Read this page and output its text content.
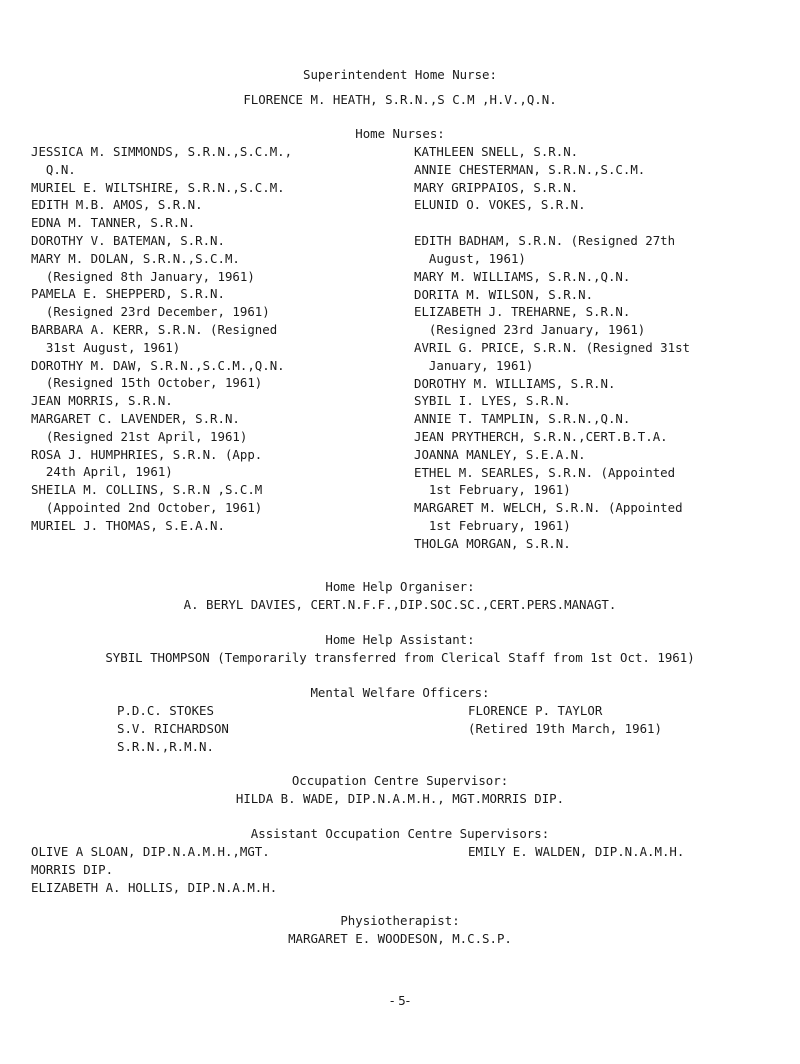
Superintendent Home Nurse:
FLORENCE M. HEATH, S.R.N.,S C.M ,H.V.,Q.N.
Home Nurses:
JESSICA M. SIMMONDS, S.R.N.,S.C.M.,
Q.N.
MURIEL E. WILTSHIRE, S.R.N.,S.C.M.
EDITH M.B. AMOS, S.R.N.
EDNA M. TANNER, S.R.N.
DOROTHY V. BATEMAN, S.R.N.
MARY M. DOLAN, S.R.N.,S.C.M.
(Resigned 8th January, 1961)
PAMELA E. SHEPPERD, S.R.N.
(Resigned 23rd December, 1961)
BARBARA A. KERR, S.R.N. (Resigned
31st August, 1961)
DOROTHY M. DAW, S.R.N.,S.C.M.,Q.N.
(Resigned 15th October, 1961)
JEAN MORRIS, S.R.N.
MARGARET C. LAVENDER, S.R.N.
(Resigned 21st April, 1961)
ROSA J. HUMPHRIES, S.R.N. (App.
24th April, 1961)
SHEILA M. COLLINS, S.R.N ,S.C.M
(Appointed 2nd October, 1961)
MURIEL J. THOMAS, S.E.A.N.
KATHLEEN SNELL, S.R.N.
ANNIE CHESTERMAN, S.R.N.,S.C.M.
MARY GRIPPAIOS, S.R.N.
ELUNID O. VOKES, S.R.N.
EDITH BADHAM, S.R.N. (Resigned 27th
August, 1961)
MARY M. WILLIAMS, S.R.N.,Q.N.
DORITA M. WILSON, S.R.N.
ELIZABETH J. TREHARNE, S.R.N.
(Resigned 23rd January, 1961)
AVRIL G. PRICE, S.R.N. (Resigned 31st
January, 1961)
DOROTHY M. WILLIAMS, S.R.N.
SYBIL I. LYES, S.R.N.
ANNIE T. TAMPLIN, S.R.N.,Q.N.
JEAN PRYTHERCH, S.R.N.,CERT.B.T.A.
JOANNA MANLEY, S.E.A.N.
ETHEL M. SEARLES, S.R.N. (Appointed
1st February, 1961)
MARGARET M. WELCH, S.R.N. (Appointed
1st February, 1961)
THOLGA MORGAN, S.R.N.
Home Help Organiser:
A. BERYL DAVIES, CERT.N.F.F.,DIP.SOC.SC.,CERT.PERS.MANAGT.
Home Help Assistant:
SYBIL THOMPSON (Temporarily transferred from Clerical Staff from 1st Oct. 1961)
Mental Welfare Officers:
P.D.C. STOKES
S.V. RICHARDSON
S.R.N.,R.M.N.
FLORENCE P. TAYLOR
(Retired 19th March, 1961)
Occupation Centre Supervisor:
HILDA B. WADE, DIP.N.A.M.H., MGT.MORRIS DIP.
Assistant Occupation Centre Supervisors:
OLIVE A SLOAN, DIP.N.A.M.H.,MGT.
MORRIS DIP.
ELIZABETH A. HOLLIS, DIP.N.A.M.H.
EMILY E. WALDEN, DIP.N.A.M.H.
Physiotherapist:
MARGARET E. WOODESON, M.C.S.P.
- 5-
